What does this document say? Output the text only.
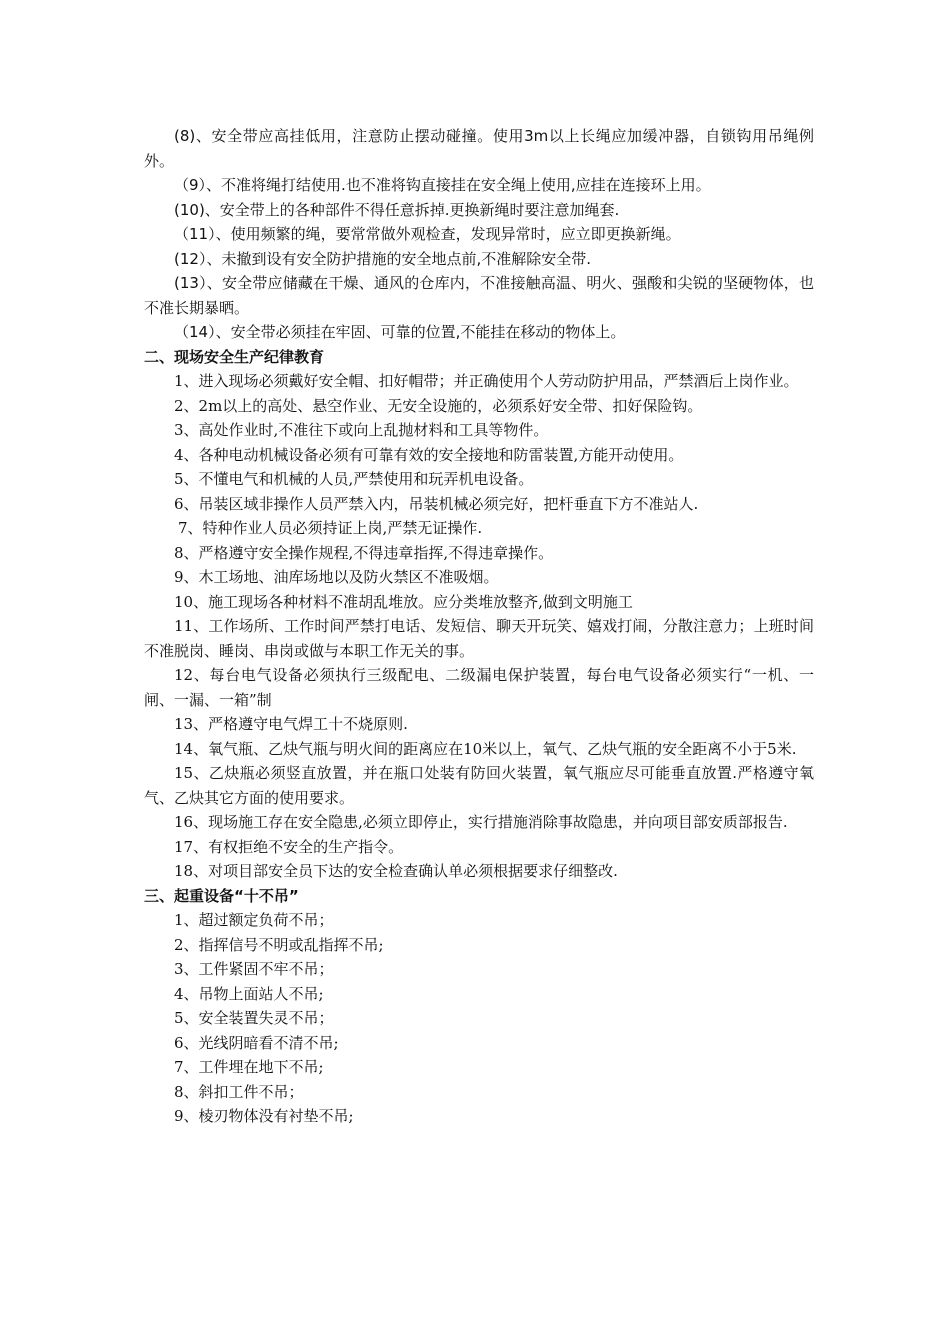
(8)、安全带应高挂低用，注意防止摆动碰撞。使用3m以上长绳应加缓冲器，自锁钩用吊绳例外。

（9）、不准将绳打结使用.也不准将钩直接挂在安全绳上使用,应挂在连接环上用。

(10)、安全带上的各种部件不得任意拆掉.更换新绳时要注意加绳套.

（11）、使用频繁的绳，要常常做外观检查，发现异常时，应立即更换新绳。

(12）、未撤到设有安全防护措施的安全地点前,不准解除安全带.

(13）、安全带应储藏在干燥、通风的仓库内，不准接触高温、明火、强酸和尖锐的坚硬物体，也不准长期暴晒。

（14）、安全带必须挂在牢固、可靠的位置,不能挂在移动的物体上。

二、现场安全生产纪律教育

1、进入现场必须戴好安全帽、扣好帽带；并正确使用个人劳动防护用品，严禁酒后上岗作业。

2、2m以上的高处、悬空作业、无安全设施的，必须系好安全带、扣好保险钩。

3、高处作业时,不准往下或向上乱抛材料和工具等物件。

4、各种电动机械设备必须有可靠有效的安全接地和防雷装置,方能开动使用。

5、不懂电气和机械的人员,严禁使用和玩弄机电设备。

6、吊装区域非操作人员严禁入内，吊装机械必须完好，把杆垂直下方不准站人.

7、特种作业人员必须持证上岗,严禁无证操作.

8、严格遵守安全操作规程,不得违章指挥,不得违章操作。

9、木工场地、油库场地以及防火禁区不准吸烟。

10、施工现场各种材料不准胡乱堆放。应分类堆放整齐,做到文明施工

11、工作场所、工作时间严禁打电话、发短信、聊天开玩笑、嬉戏打闹，分散注意力；上班时间不准脱岗、睡岗、串岗或做与本职工作无关的事。

12、每台电气设备必须执行三级配电、二级漏电保护装置，每台电气设备必须实行“一机、一闸、一漏、一箱”制

13、严格遵守电气焊工十不烧原则.

14、氧气瓶、乙炔气瓶与明火间的距离应在10米以上，氧气、乙炔气瓶的安全距离不小于5米.

15、乙炔瓶必须竖直放置，并在瓶口处装有防回火装置，氧气瓶应尽可能垂直放置.严格遵守氧气、乙炔其它方面的使用要求。

16、现场施工存在安全隐患,必须立即停止，实行措施消除事故隐患，并向项目部安质部报告.

17、有权拒绝不安全的生产指令。

18、对项目部安全员下达的安全检查确认单必须根据要求仔细整改.

三、起重设备“十不吊”

1、超过额定负荷不吊；

2、指挥信号不明或乱指挥不吊;

3、工件紧固不牢不吊；

4、吊物上面站人不吊;

5、安全装置失灵不吊；

6、光线阴暗看不清不吊;

7、工件埋在地下不吊;

8、斜扣工件不吊；

9、棱刃物体没有衬垫不吊;
